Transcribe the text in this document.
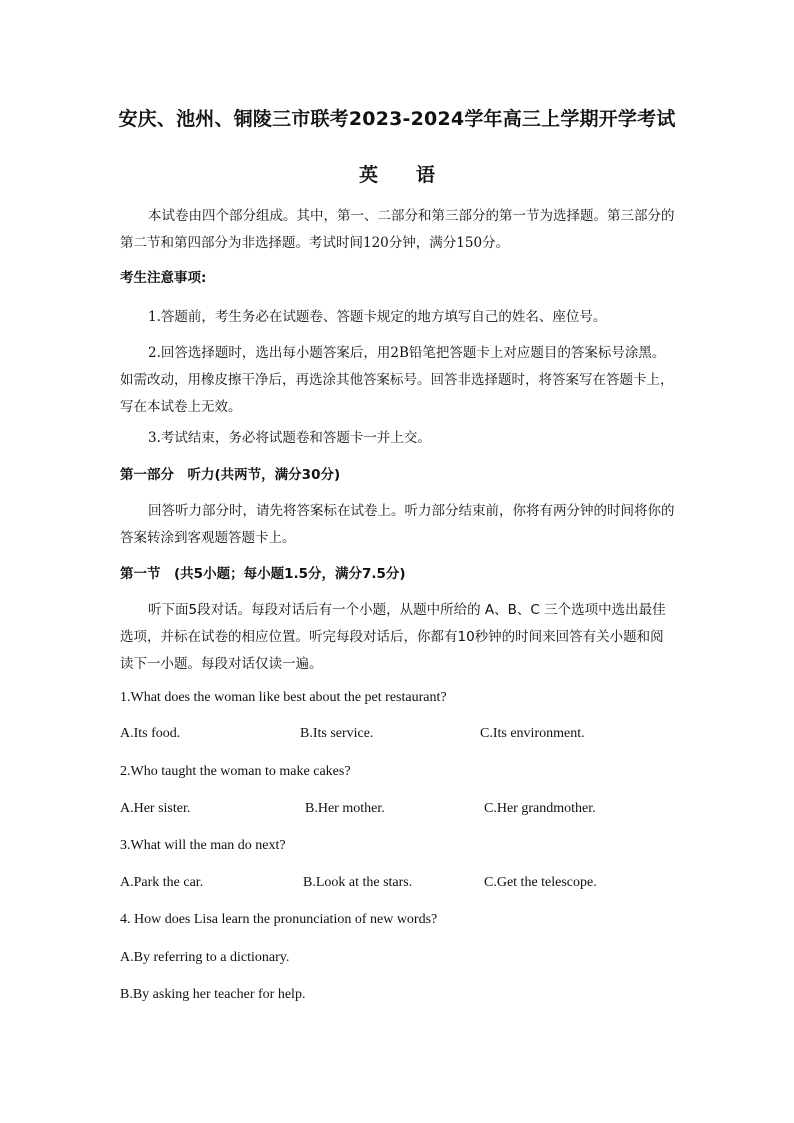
安庆、池州、铜陵三市联考2023-2024学年高三上学期开学考试
英语
本试卷由四个部分组成。其中，第一、二部分和第三部分的第一节为选择题。第三部分的第二节和第四部分为非选择题。考试时间120分钟，满分150分。
考生注意事项:
1.答题前，考生务必在试题卷、答题卡规定的地方填写自己的姓名、座位号。
2.回答选择题时，选出每小题答案后，用2B铅笔把答题卡上对应题目的答案标号涂黑。如需改动，用橡皮擦干净后，再选涂其他答案标号。回答非选择题时，将答案写在答题卡上，写在本试卷上无效。
3.考试结束，务必将试题卷和答题卡一并上交。
第一部分　听力(共两节，满分30分)
回答听力部分时，请先将答案标在试卷上。听力部分结束前，你将有两分钟的时间将你的答案转涂到客观题答题卡上。
第一节　(共5小题；每小题1.5分，满分7.5分)
听下面5段对话。每段对话后有一个小题，从题中所给的 A、B、C 三个选项中选出最佳选项，并标在试卷的相应位置。听完每段对话后，你都有10秒钟的时间来回答有关小题和阅读下一小题。每段对话仅读一遍。
1.What does the woman like best about the pet restaurant?
A.Its food.	B.Its service.	C.Its environment.
2.Who taught the woman to make cakes?
A.Her sister.	B.Her mother.	C.Her grandmother.
3.What will the man do next?
A.Park the car.	B.Look at the stars.	C.Get the telescope.
4. How does Lisa learn the pronunciation of new words?
A.By referring to a dictionary.
B.By asking her teacher for help.
